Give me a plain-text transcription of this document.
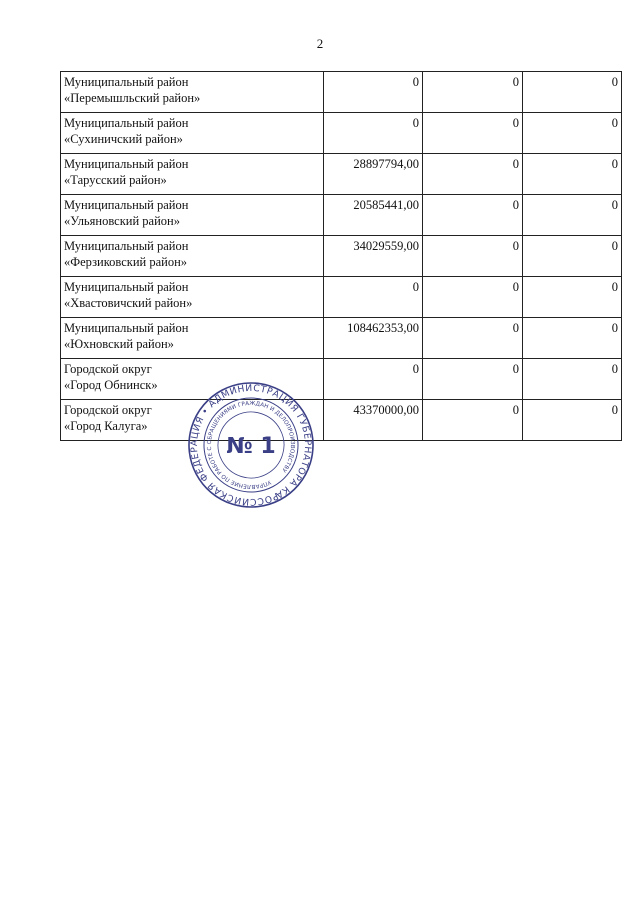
2
Муниципальный район
«Перемышльский район»	0	0	0

Муниципальный район
«Сухиничский район»	0	0	0

Муниципальный район
«Тарусский район»	28897794,00	0	0

Муниципальный район
«Ульяновский район»	20585441,00	0	0

Муниципальный район
«Ферзиковский район»	34029559,00	0	0

Муниципальный район
«Хвастовичский район»	0	0	0

Муниципальный район
«Юхновский район»	108462353,00	0	0

Городской округ
«Город Обнинск»	0	0	0

Городской округ
«Город Калуга»	43370000,00	0	0
РОССИЙСКАЯ ФЕДЕРАЦИЯ • АДМИНИСТРАЦИЯ ГУБЕРНАТОРА КАЛУЖСКОЙ
УПРАВЛЕНИЕ ПО РАБОТЕ С ОБРАЩЕНИЯМИ ГРАЖДАН И ДЕЛОПРОИЗВОДСТВУ
№ 1
